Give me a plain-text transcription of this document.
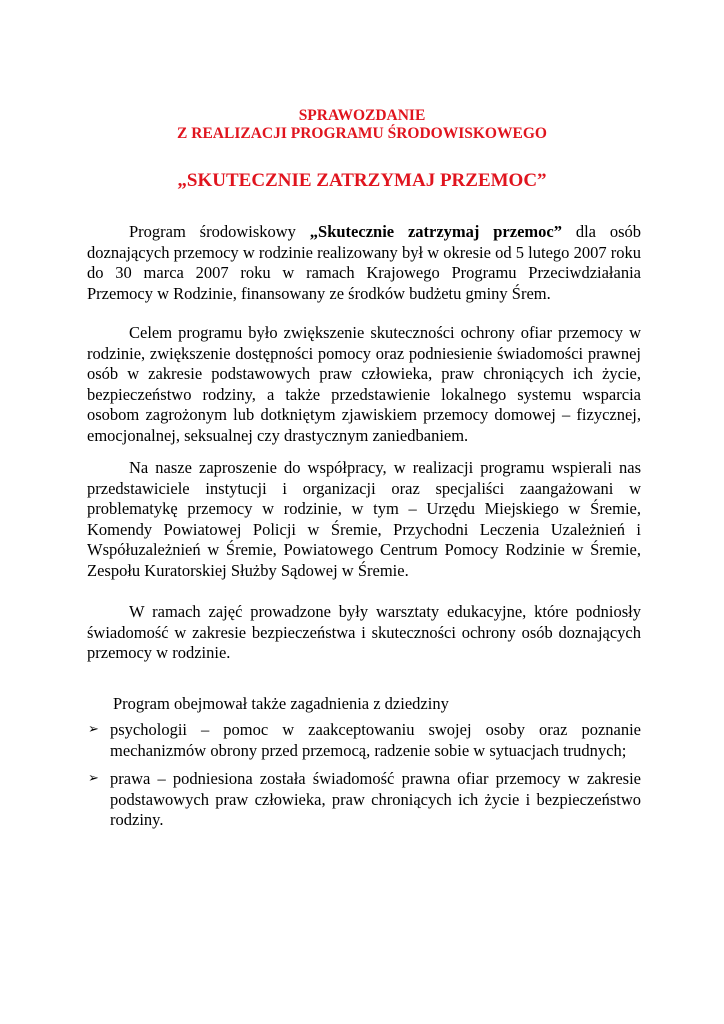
SPRAWOZDANIE
Z REALIZACJI PROGRAMU ŚRODOWISKOWEGO
„SKUTECZNIE ZATRZYMAJ PRZEMOC”

Program środowiskowy „Skutecznie zatrzymaj przemoc” dla osób doznających przemocy w rodzinie realizowany był w okresie od 5 lutego 2007 roku do 30 marca 2007 roku w ramach Krajowego Programu Przeciwdziałania Przemocy w Rodzinie, finansowany ze środków budżetu gminy Śrem.

Celem programu było zwiększenie skuteczności ochrony ofiar przemocy w rodzinie, zwiększenie dostępności pomocy oraz podniesienie świadomości prawnej osób w zakresie podstawowych praw człowieka, praw chroniących ich życie, bezpieczeństwo rodziny, a także przedstawienie lokalnego systemu wsparcia osobom zagrożonym lub dotkniętym zjawiskiem przemocy domowej – fizycznej, emocjonalnej, seksualnej czy drastycznym zaniedbaniem.

Na nasze zaproszenie do współpracy, w realizacji programu wspierali nas przedstawiciele instytucji i organizacji oraz specjaliści zaangażowani w problematykę przemocy w rodzinie, w tym – Urzędu Miejskiego w Śremie, Komendy Powiatowej Policji w Śremie, Przychodni Leczenia Uzależnień i Współuzależnień w Śremie, Powiatowego Centrum Pomocy Rodzinie w Śremie, Zespołu Kuratorskiej Służby Sądowej w Śremie.

W ramach zajęć prowadzone były warsztaty edukacyjne, które podniosły świadomość w zakresie bezpieczeństwa i skuteczności ochrony osób doznających przemocy w rodzinie.

Program obejmował także zagadnienia z dziedziny
➢ psychologii – pomoc w zaakceptowaniu swojej osoby oraz poznanie mechanizmów obrony przed przemocą, radzenie sobie w sytuacjach trudnych;
➢ prawa – podniesiona została świadomość prawna ofiar przemocy w zakresie podstawowych praw człowieka, praw chroniących ich życie i bezpieczeństwo rodziny.
